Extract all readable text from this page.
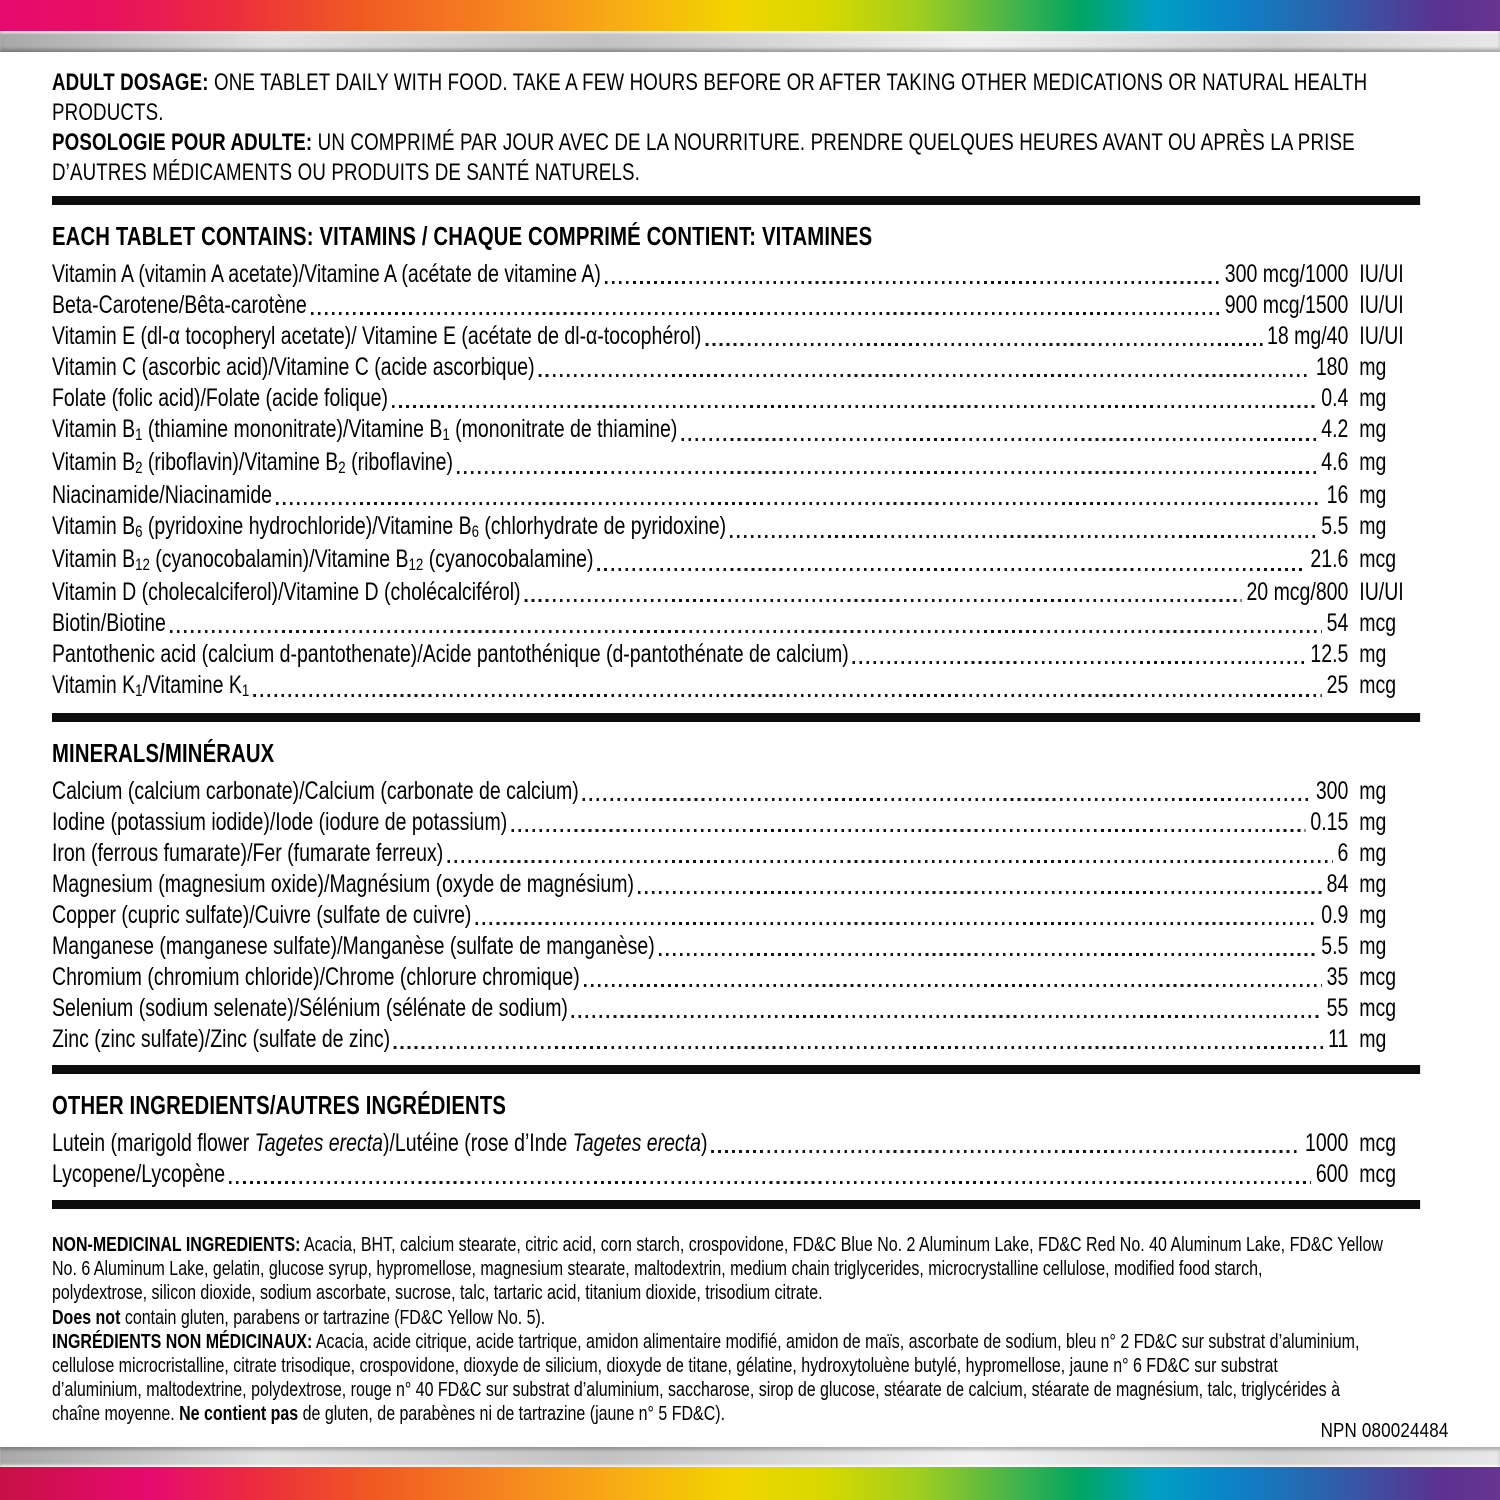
ADULT DOSAGE: ONE TABLET DAILY WITH FOOD. TAKE A FEW HOURS BEFORE OR AFTER TAKING OTHER MEDICATIONS OR NATURAL HEALTH
PRODUCTS.
POSOLOGIE POUR ADULTE: UN COMPRIMÉ PAR JOUR AVEC DE LA NOURRITURE. PRENDRE QUELQUES HEURES AVANT OU APRÈS LA PRISE
D’AUTRES MÉDICAMENTS OU PRODUITS DE SANTÉ NATURELS.
EACH TABLET CONTAINS: VITAMINS / CHAQUE COMPRIMÉ CONTIENT: VITAMINES
Vitamin A (vitamin A acetate)/Vitamine A (acétate de vitamine A)	300 mcg/1000 IU/UI
Beta-Carotene/Bêta-carotène	900 mcg/1500 IU/UI
Vitamin E (dl-α tocopheryl acetate)/ Vitamine E (acétate de dl-α-tocophérol)	18 mg/40 IU/UI
Vitamin C (ascorbic acid)/Vitamine C (acide ascorbique)	180 mg
Folate (folic acid)/Folate (acide folique)	0.4 mg
Vitamin B1 (thiamine mononitrate)/Vitamine B1 (mononitrate de thiamine)	4.2 mg
Vitamin B2 (riboflavin)/Vitamine B2 (riboflavine)	4.6 mg
Niacinamide/Niacinamide	16 mg
Vitamin B6 (pyridoxine hydrochloride)/Vitamine B6 (chlorhydrate de pyridoxine)	5.5 mg
Vitamin B12 (cyanocobalamin)/Vitamine B12 (cyanocobalamine)	21.6 mcg
Vitamin D (cholecalciferol)/Vitamine D (cholécalciférol)	20 mcg/800 IU/UI
Biotin/Biotine	54 mcg
Pantothenic acid (calcium d-pantothenate)/Acide pantothénique (d-pantothénate de calcium)	12.5 mg
Vitamin K1/Vitamine K1	25 mcg
MINERALS/MINÉRAUX
Calcium (calcium carbonate)/Calcium (carbonate de calcium)	300 mg
Iodine (potassium iodide)/Iode (iodure de potassium)	0.15 mg
Iron (ferrous fumarate)/Fer (fumarate ferreux)	6 mg
Magnesium (magnesium oxide)/Magnésium (oxyde de magnésium)	84 mg
Copper (cupric sulfate)/Cuivre (sulfate de cuivre)	0.9 mg
Manganese (manganese sulfate)/Manganèse (sulfate de manganèse)	5.5 mg
Chromium (chromium chloride)/Chrome (chlorure chromique)	35 mcg
Selenium (sodium selenate)/Sélénium (sélénate de sodium)	55 mcg
Zinc (zinc sulfate)/Zinc (sulfate de zinc)	11 mg
OTHER INGREDIENTS/AUTRES INGRÉDIENTS
Lutein (marigold flower Tagetes erecta)/Lutéine (rose d’Inde Tagetes erecta)	1000 mcg
Lycopene/Lycopène	600 mcg
NON-MEDICINAL INGREDIENTS: Acacia, BHT, calcium stearate, citric acid, corn starch, crospovidone, FD&C Blue No. 2 Aluminum Lake, FD&C Red No. 40 Aluminum Lake, FD&C Yellow
No. 6 Aluminum Lake, gelatin, glucose syrup, hypromellose, magnesium stearate, maltodextrin, medium chain triglycerides, microcrystalline cellulose, modified food starch,
polydextrose, silicon dioxide, sodium ascorbate, sucrose, talc, tartaric acid, titanium dioxide, trisodium citrate.
Does not contain gluten, parabens or tartrazine (FD&C Yellow No. 5).
INGRÉDIENTS NON MÉDICINAUX: Acacia, acide citrique, acide tartrique, amidon alimentaire modifié, amidon de maïs, ascorbate de sodium, bleu n° 2 FD&C sur substrat d’aluminium,
cellulose microcristalline, citrate trisodique, crospovidone, dioxyde de silicium, dioxyde de titane, gélatine, hydroxytoluène butylé, hypromellose, jaune n° 6 FD&C sur substrat
d’aluminium, maltodextrine, polydextrose, rouge n° 40 FD&C sur substrat d’aluminium, saccharose, sirop de glucose, stéarate de calcium, stéarate de magnésium, talc, triglycérides à
chaîne moyenne. Ne contient pas de gluten, de parabènes ni de tartrazine (jaune n° 5 FD&C).
NPN 080024484
